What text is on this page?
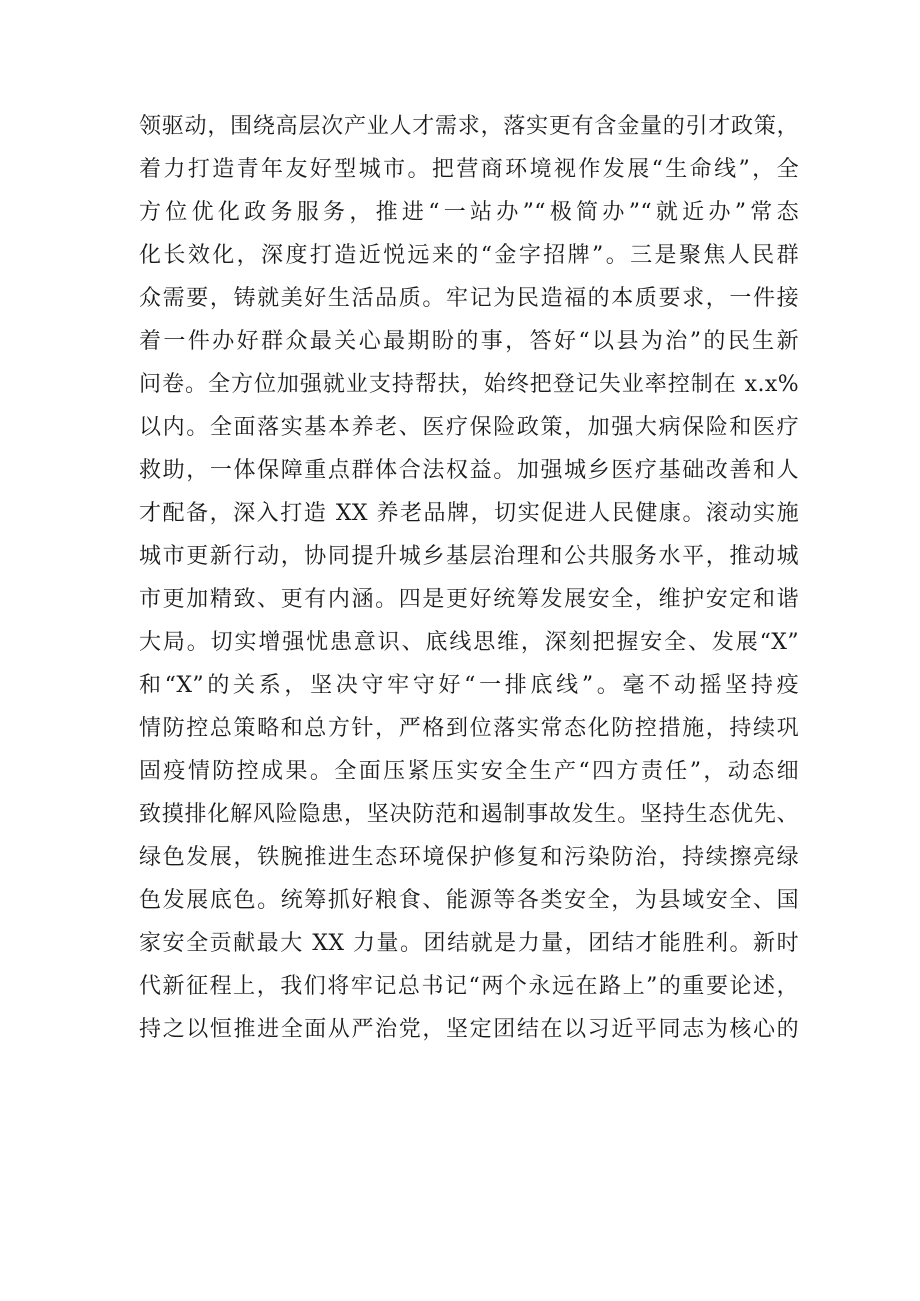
领驱动，围绕高层次产业人才需求，落实更有含金量的引才政策，
着力打造青年友好型城市。把营商环境视作发展“生命线”，全
方位优化政务服务，推进“一站办”“极简办”“就近办”常态
化长效化，深度打造近悦远来的“金字招牌”。三是聚焦人民群
众需要，铸就美好生活品质。牢记为民造福的本质要求，一件接
着一件办好群众最关心最期盼的事，答好“以县为治”的民生新
问卷。全方位加强就业支持帮扶，始终把登记失业率控制在 x.x%
以内。全面落实基本养老、医疗保险政策，加强大病保险和医疗
救助，一体保障重点群体合法权益。加强城乡医疗基础改善和人
才配备，深入打造 XX 养老品牌，切实促进人民健康。滚动实施
城市更新行动，协同提升城乡基层治理和公共服务水平，推动城
市更加精致、更有内涵。四是更好统筹发展安全，维护安定和谐
大局。切实增强忧患意识、底线思维，深刻把握安全、发展“X”
和“X”的关系，坚决守牢守好“一排底线”。毫不动摇坚持疫
情防控总策略和总方针，严格到位落实常态化防控措施，持续巩
固疫情防控成果。全面压紧压实安全生产“四方责任”，动态细
致摸排化解风险隐患，坚决防范和遏制事故发生。坚持生态优先、
绿色发展，铁腕推进生态环境保护修复和污染防治，持续擦亮绿
色发展底色。统筹抓好粮食、能源等各类安全，为县域安全、国
家安全贡献最大 XX 力量。团结就是力量，团结才能胜利。新时
代新征程上，我们将牢记总书记“两个永远在路上”的重要论述，
持之以恒推进全面从严治党，坚定团结在以习近平同志为核心的
